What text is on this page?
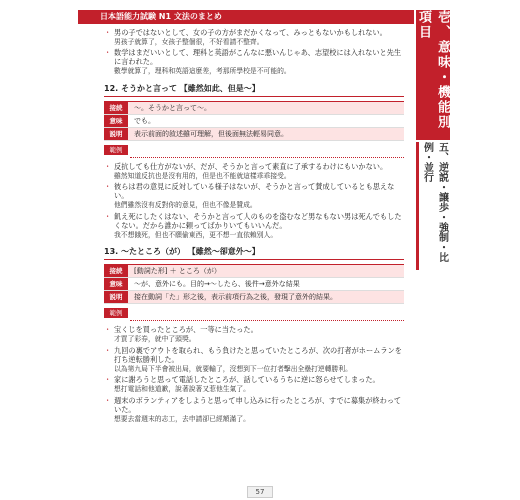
日本語能力試験 N1 文法のまとめ	壱、意味・機能別項目
五、逆説・譲歩・強制・比例・並行
・ 男の子ではないとして、女の子の方がまだかくなって、みっともないかもしれない。
男孩子就算了，女孩子整個很，不好看請不整齊。
・ 数学はまだいいとして、理科と英語がこんなに悪いんじゃあ、志望校には入れないと先生に言われた。
數學就算了，理科和英語這麼差，考那所學校是不可能的。
12. そうかと言って 【雖然如此、但是～】
接続	～。そうかと言って～。
意味	でも。
説明	表示前面的敘述雖可理解，但後面無法輕易同意。
範例
・ 反抗しても仕方がないが、だが、そうかと言って素直に了承するわけにもいかない。
雖然知道反抗也是沒有用的，但是也不能就這樣乖乖接受。
・ 彼らは君の意見に反対している様子はないが、そうかと言って賛成しているとも思えない。
他們雖然沒有反對你的意見，但也不像是贊成。
・ 飢え死にしたくはない、そうかと言って人のものを盗むなど男なもない男は死んでもしたくない。だから誰かに頼ってばかりいてもいいんだ。
我不想餓死，但也不願偷東西，更不想一直依賴別人。
13. ～たところ（が） 【雖然～卻意外～】
接続	[動詞た形] ＋ ところ（が）
意味	～が、意外にも。目的→～したら、後件→意外な結果
説明	接在動詞「た」形之後，表示前項行為之後，發現了意外的結果。
範例
・ 宝くじを買ったところが、一等に当たった。
才買了彩券，就中了頭獎。
・ 九回の裏でアウトを取られ、もう負けたと思っていたところが、次の打者がホームランを打ち逆転勝利した。
以為第九局下半會被出局，就要輸了，沒想到下一位打者擊出全壘打逆轉勝利。
・ 家に謝ろうと思って電話したところが、話しているうちに逆に怒らせてしまった。
想打電話和他道歉，說著說著又惹他生氣了。
・ 週末のボランティアをしようと思って申し込みに行ったところが、すでに募集が終わっていた。
想要去當週末的志工，去申請卻已經額滿了。
57
